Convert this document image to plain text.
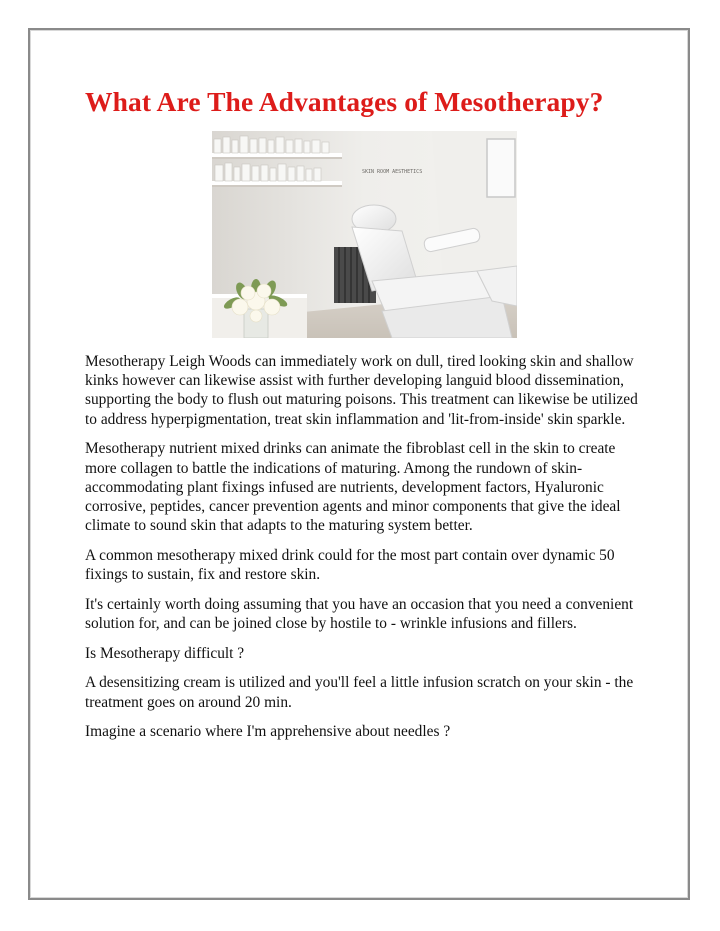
What Are The Advantages of Mesotherapy?
SKIN ROOM AESTHETICS

Mesotherapy Leigh Woods can immediately work on dull, tired looking skin and shallow kinks however can likewise assist with further developing languid blood dissemination, supporting the body to flush out maturing poisons. This treatment can likewise be utilized to address hyperpigmentation, treat skin inflammation and 'lit-from-inside' skin sparkle.

Mesotherapy nutrient mixed drinks can animate the fibroblast cell in the skin to create more collagen to battle the indications of maturing. Among the rundown of skin-accommodating plant fixings infused are nutrients, development factors, Hyaluronic corrosive, peptides, cancer prevention agents and minor components that give the ideal climate to sound skin that adapts to the maturing system better.

A common mesotherapy mixed drink could for the most part contain over dynamic 50 fixings to sustain, fix and restore skin.

It's certainly worth doing assuming that you have an occasion that you need a convenient solution for, and can be joined close by hostile to - wrinkle infusions and fillers.

Is Mesotherapy difficult ?

A desensitizing cream is utilized and you'll feel a little infusion scratch on your skin - the treatment goes on around 20 min.

Imagine a scenario where I'm apprehensive about needles ?
